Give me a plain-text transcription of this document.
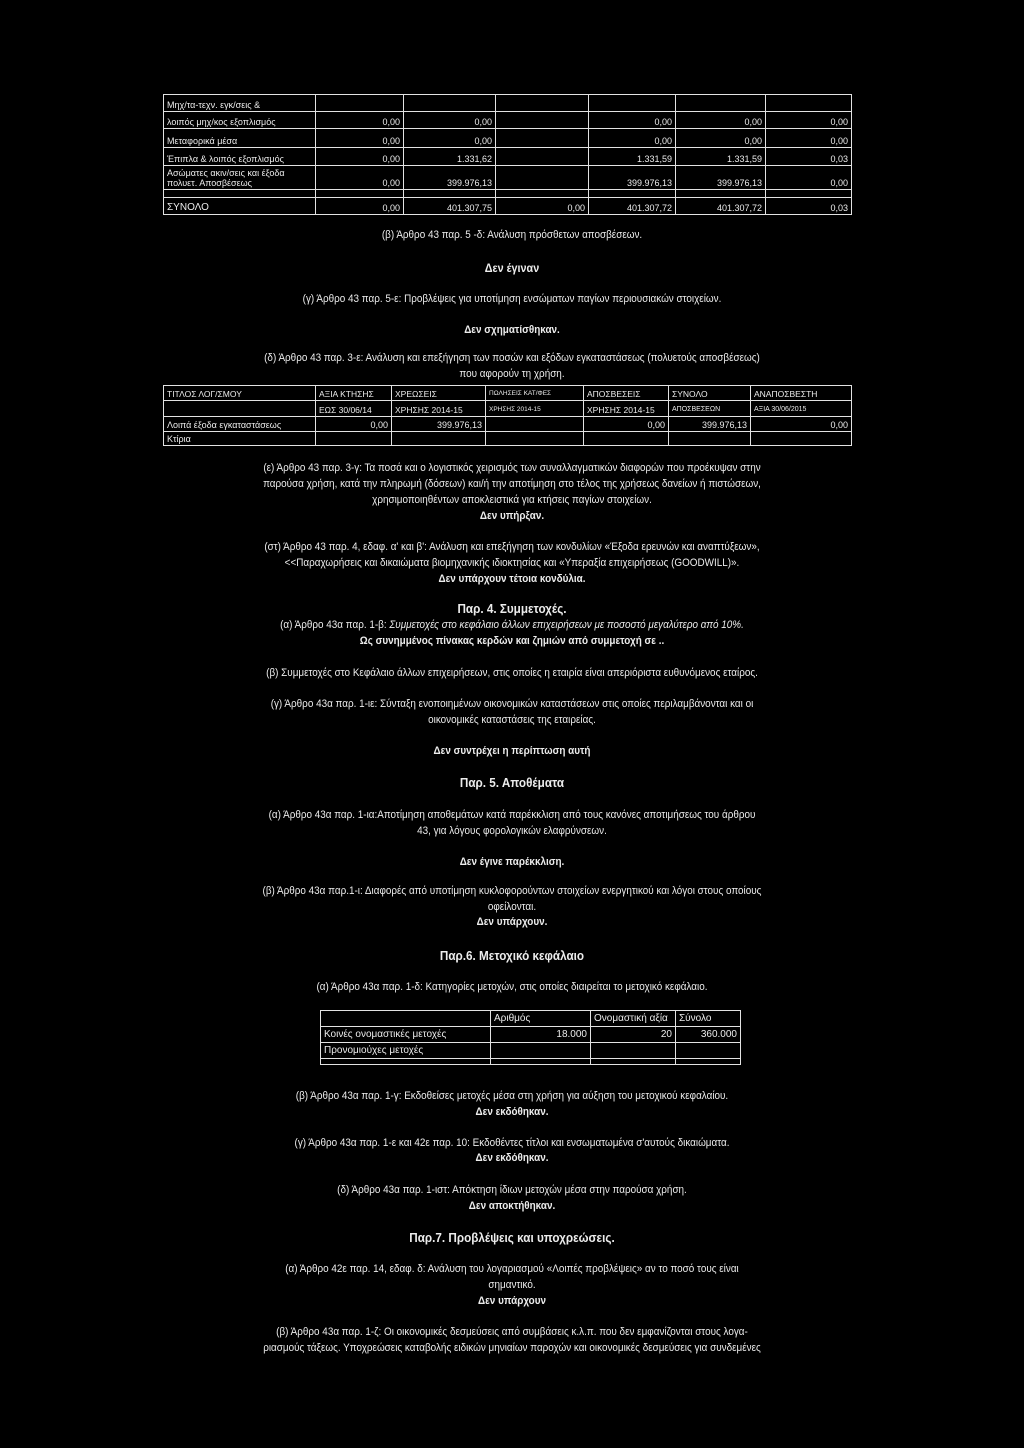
Μηχ/τα-τεχν. εγκ/σεις &						
λοιπός μηχ/κος εξοπλισμός	0,00	0,00		0,00	0,00	0,00
Μεταφορικά μέσα	0,00	0,00		0,00	0,00	0,00
Έπιπλα & λοιπός εξοπλισμός	0,00	1.331,62		1.331,59	1.331,59	0,03
Ασώματες ακιν/σεις και έξοδα
πολυετ. Αποσβέσεως	0,00	399.976,13		399.976,13	399.976,13	0,00

ΣΥΝΟΛΟ	0,00	401.307,75	0,00	401.307,72	401.307,72	0,03
(β) Άρθρο 43 παρ. 5 -δ: Ανάλυση πρόσθετων αποσβέσεων.
Δεν έγιναν
(γ) Άρθρο 43 παρ. 5-ε: Προβλέψεις για υποτίμηση ενσώματων παγίων περιουσιακών στοιχείων.
Δεν σχηματίσθηκαν.
(δ) Άρθρο 43 παρ. 3-ε: Ανάλυση και επεξήγηση των ποσών και εξόδων εγκαταστάσεως (πολυετούς αποσβέσεως)
που αφορούν τη χρήση.
ΤΙΤΛΟΣ ΛΟΓ/ΣΜΟΥ	ΑΞΙΑ ΚΤΗΣΗΣ	ΧΡΕΩΣΕΙΣ	ΠΩΛΗΣΕΙΣ ΚΑΤ/ΦΕΣ	ΑΠΟΣΒΕΣΕΙΣ	ΣΥΝΟΛΟ	ΑΝΑΠΟΣΒΕΣΤΗ
	ΕΩΣ 30/06/14	ΧΡΗΣΗΣ 2014-15	ΧΡΗΣΗΣ 2014-15	ΧΡΗΣΗΣ 2014-15	ΑΠΟΣΒΕΣΕΩΝ	ΑΞΙΑ 30/06/2015
Λοιπά έξοδα εγκαταστάσεως	0,00	399.976,13		0,00	399.976,13	0,00
Κτίρια						
(ε) Άρθρο 43 παρ. 3-γ: Τα ποσά και ο λογιστικός χειρισμός των συναλλαγματικών διαφορών που προέκυψαν στην
παρούσα χρήση, κατά την πληρωμή (δόσεων) και/ή την αποτίμηση στο τέλος της χρήσεως δανείων ή πιστώσεων,
χρησιμοποιηθέντων αποκλειστικά για κτήσεις παγίων στοιχείων.
Δεν υπήρξαν.
(στ) Άρθρο 43 παρ. 4, εδαφ. α' και β': Ανάλυση και επεξήγηση των κονδυλίων «Έξοδα ερευνών και αναπτύξεων»,
<<Παραχωρήσεις και δικαιώματα βιομηχανικής ιδιοκτησίας και «Υπεραξία επιχειρήσεως (GOODWILL)».
Δεν υπάρχουν τέτοια κονδύλια.
Παρ. 4. Συμμετοχές.
(α) Άρθρο 43α παρ. 1-β: Συμμετοχές στο κεφάλαιο άλλων επιχειρήσεων με ποσοστό μεγαλύτερο από 10%.
Ως συνημμένος πίνακας κερδών και ζημιών από συμμετοχή σε ..
(β) Συμμετοχές στο Κεφάλαιο άλλων επιχειρήσεων, στις οποίες η εταιρία είναι απεριόριστα ευθυνόμενος εταίρος.
(γ) Άρθρο 43α παρ. 1-ιε: Σύνταξη ενοποιημένων οικονομικών καταστάσεων στις οποίες περιλαμβάνονται και οι
οικονομικές καταστάσεις της εταιρείας.
Δεν συντρέχει η περίπτωση αυτή
Παρ. 5. Αποθέματα
(α) Άρθρο 43α παρ. 1-ια:Αποτίμηση αποθεμάτων κατά παρέκκλιση από τους κανόνες αποτιμήσεως του άρθρου
43, για λόγους φορολογικών ελαφρύνσεων.
Δεν έγινε παρέκκλιση.
(β) Άρθρο 43α παρ.1-ι: Διαφορές από υποτίμηση κυκλοφορούντων στοιχείων ενεργητικού και λόγοι στους οποίους
οφείλονται.
Δεν υπάρχουν.
Παρ.6. Μετοχικό κεφάλαιο
(α) Άρθρο 43α παρ. 1-δ: Κατηγορίες μετοχών, στις οποίες διαιρείται το μετοχικό κεφάλαιο.
	Αριθμός	Ονομαστική αξία	Σύνολο
Κοινές ονομαστικές μετοχές	18.000	20	360.000
Προνομιούχες μετοχές			

(β) Άρθρο 43α παρ. 1-γ: Εκδοθείσες μετοχές μέσα στη χρήση για αύξηση του μετοχικού κεφαλαίου.
Δεν εκδόθηκαν.
(γ) Άρθρο 43α παρ. 1-ε και 42ε παρ. 10: Εκδοθέντες τίτλοι και ενσωματωμένα σ'αυτούς δικαιώματα.
Δεν εκδόθηκαν.
(δ) Άρθρο 43α παρ. 1-ιστ: Απόκτηση ίδιων μετοχών μέσα στην παρούσα χρήση.
Δεν αποκτήθηκαν.
Παρ.7. Προβλέψεις και υποχρεώσεις.
(α) Άρθρο 42ε παρ. 14, εδαφ. δ: Ανάλυση του λογαριασμού «Λοιπές προβλέψεις» αν το ποσό τους είναι
σημαντικό.
Δεν υπάρχουν
(β) Άρθρο 43α παρ. 1-ζ: Οι οικονομικές δεσμεύσεις από συμβάσεις κ.λ.π. που δεν εμφανίζονται στους λογα-
ριασμούς τάξεως. Υποχρεώσεις καταβολής ειδικών μηνιαίων παροχών και οικονομικές δεσμεύσεις για συνδεμένες
